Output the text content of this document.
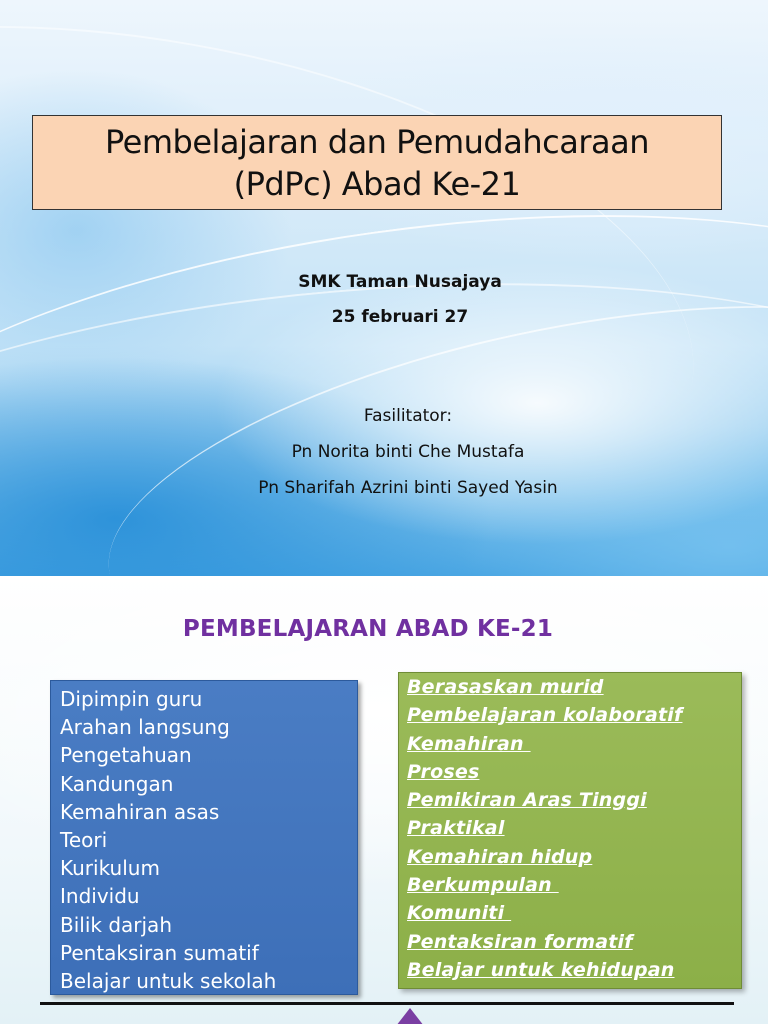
Pembelajaran dan Pemudahcaraan
(PdPc) Abad Ke-21
SMK Taman Nusajaya
25 februari 27
Fasilitator:
Pn Norita binti Che Mustafa
Pn Sharifah Azrini binti Sayed Yasin
PEMBELAJARAN ABAD KE-21
Dipimpin guru
Arahan langsung
Pengetahuan
Kandungan
Kemahiran asas
Teori
Kurikulum
Individu
Bilik darjah
Pentaksiran sumatif
Belajar untuk sekolah
Berasaskan murid
Pembelajaran kolaboratif
Kemahiran
Proses
Pemikiran Aras Tinggi
Praktikal
Kemahiran hidup
Berkumpulan
Komuniti
Pentaksiran formatif
Belajar untuk kehidupan
